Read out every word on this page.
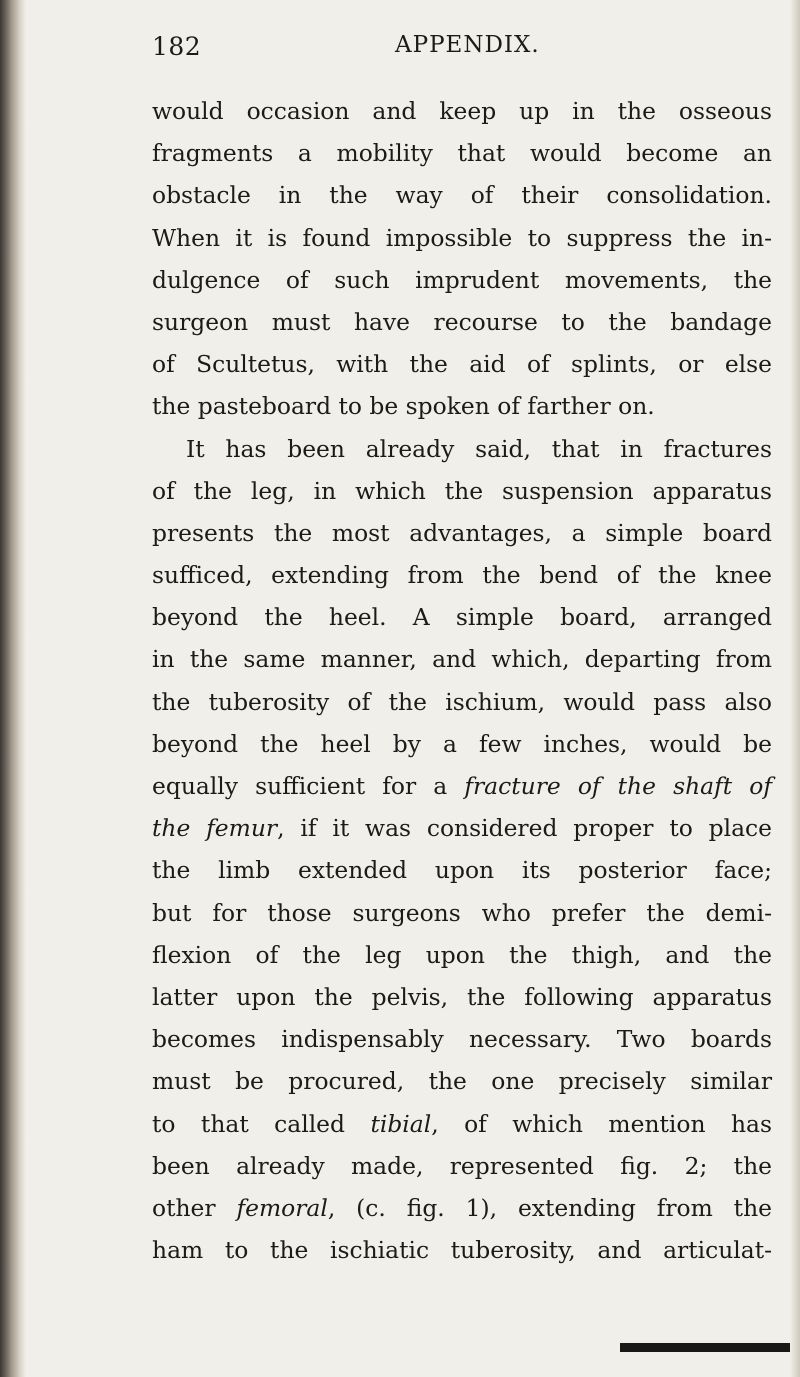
182	APPENDIX.
would occasion and keep up in the osseous
fragments a mobility that would become an
obstacle in the way of their consolidation.
When it is found impossible to suppress the in-
dulgence of such imprudent movements, the
surgeon must have recourse to the bandage
of Scultetus, with the aid of splints, or else
the pasteboard to be spoken of farther on.
It has been already said, that in fractures
of the leg, in which the suspension apparatus
presents the most advantages, a simple board
sufficed, extending from the bend of the knee
beyond the heel. A simple board, arranged
in the same manner, and which, departing from
the tuberosity of the ischium, would pass also
beyond the heel by a few inches, would be
equally sufficient for a fracture of the shaft of
the femur, if it was considered proper to place
the limb extended upon its posterior face;
but for those surgeons who prefer the demi-
flexion of the leg upon the thigh, and the
latter upon the pelvis, the following apparatus
becomes indispensably necessary. Two boards
must be procured, the one precisely similar
to that called tibial, of which mention has
been already made, represented fig. 2; the
other femoral, (c. fig. 1), extending from the
ham to the ischiatic tuberosity, and articulat-
